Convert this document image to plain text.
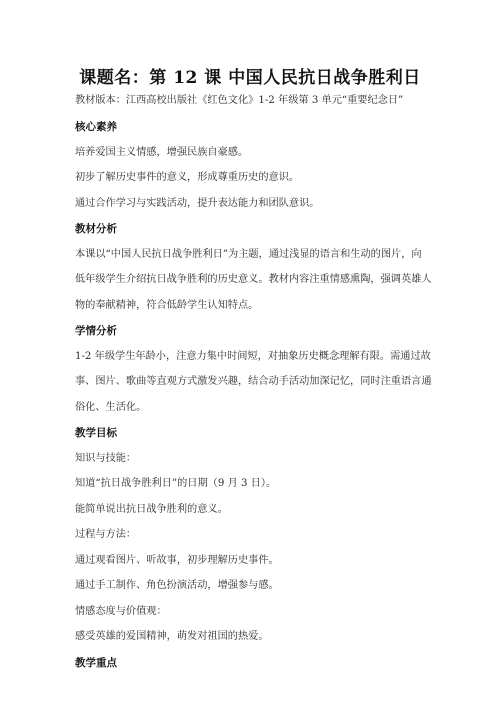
课题名：第 12 课 中国人民抗日战争胜利日
教材版本：江西高校出版社《红色文化》1-2 年级第 3 单元“重要纪念日”
核心素养
培养爱国主义情感，增强民族自豪感。
初步了解历史事件的意义，形成尊重历史的意识。
通过合作学习与实践活动，提升表达能力和团队意识。
教材分析
本课以“中国人民抗日战争胜利日”为主题，通过浅显的语言和生动的图片，向
低年级学生介绍抗日战争胜利的历史意义。教材内容注重情感熏陶，强调英雄人
物的奉献精神，符合低龄学生认知特点。
学情分析
1-2 年级学生年龄小，注意力集中时间短，对抽象历史概念理解有限。需通过故
事、图片、歌曲等直观方式激发兴趣，结合动手活动加深记忆，同时注重语言通
俗化、生活化。
教学目标
知识与技能：
知道“抗日战争胜利日”的日期（9 月 3 日）。
能简单说出抗日战争胜利的意义。
过程与方法：
通过观看图片、听故事，初步理解历史事件。
通过手工制作、角色扮演活动，增强参与感。
情感态度与价值观：
感受英雄的爱国精神，萌发对祖国的热爱。
教学重点
